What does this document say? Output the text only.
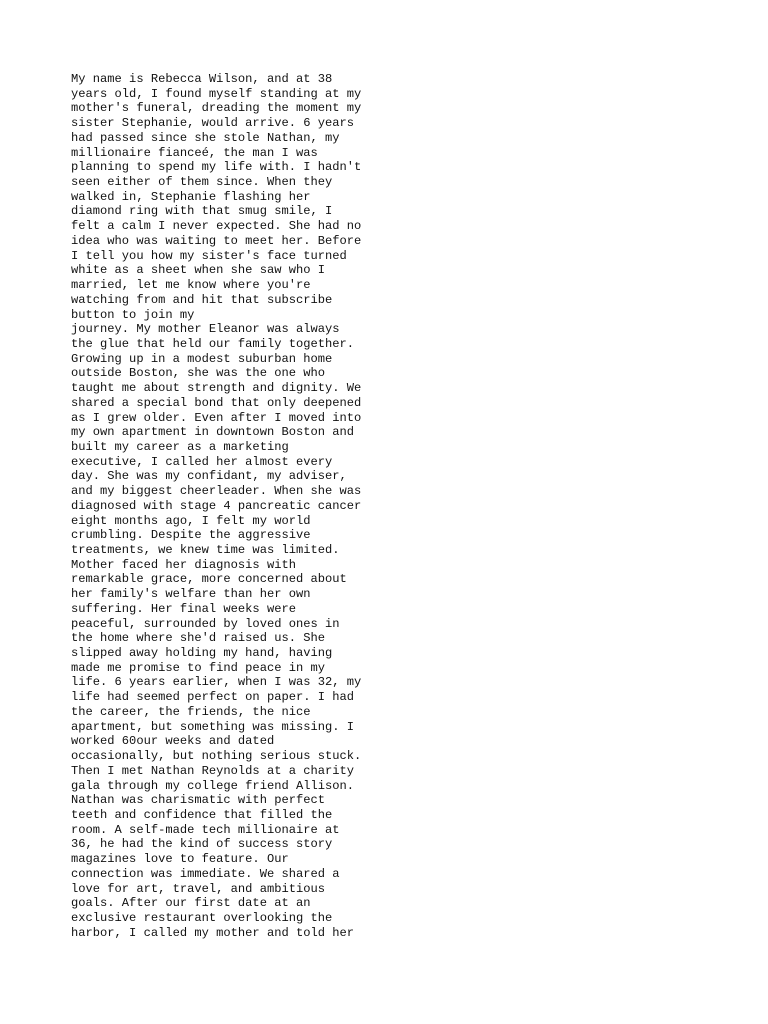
My name is Rebecca Wilson, and at 38
years old, I found myself standing at my
mother's funeral, dreading the moment my
sister Stephanie, would arrive. 6 years
had passed since she stole Nathan, my
millionaire fianceé, the man I was
planning to spend my life with. I hadn't
seen either of them since. When they
walked in, Stephanie flashing her
diamond ring with that smug smile, I
felt a calm I never expected. She had no
idea who was waiting to meet her. Before
I tell you how my sister's face turned
white as a sheet when she saw who I
married, let me know where you're
watching from and hit that subscribe
button to join my
journey. My mother Eleanor was always
the glue that held our family together.
Growing up in a modest suburban home
outside Boston, she was the one who
taught me about strength and dignity. We
shared a special bond that only deepened
as I grew older. Even after I moved into
my own apartment in downtown Boston and
built my career as a marketing
executive, I called her almost every
day. She was my confidant, my adviser,
and my biggest cheerleader. When she was
diagnosed with stage 4 pancreatic cancer
eight months ago, I felt my world
crumbling. Despite the aggressive
treatments, we knew time was limited.
Mother faced her diagnosis with
remarkable grace, more concerned about
her family's welfare than her own
suffering. Her final weeks were
peaceful, surrounded by loved ones in
the home where she'd raised us. She
slipped away holding my hand, having
made me promise to find peace in my
life. 6 years earlier, when I was 32, my
life had seemed perfect on paper. I had
the career, the friends, the nice
apartment, but something was missing. I
worked 60our weeks and dated
occasionally, but nothing serious stuck.
Then I met Nathan Reynolds at a charity
gala through my college friend Allison.
Nathan was charismatic with perfect
teeth and confidence that filled the
room. A self-made tech millionaire at
36, he had the kind of success story
magazines love to feature. Our
connection was immediate. We shared a
love for art, travel, and ambitious
goals. After our first date at an
exclusive restaurant overlooking the
harbor, I called my mother and told her
